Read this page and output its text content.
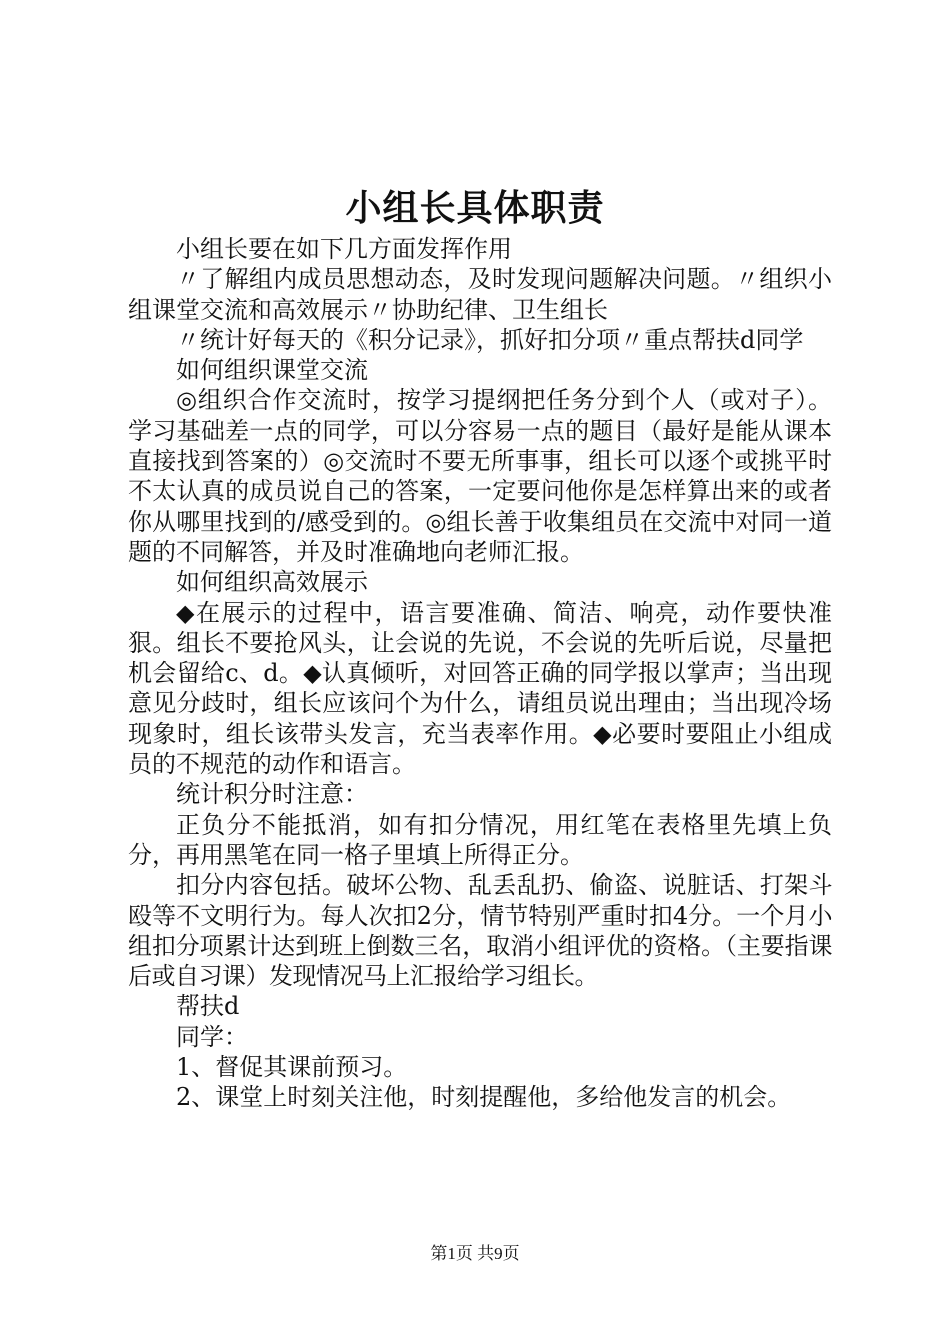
小组长具体职责

小组长要在如下几方面发挥作用

〃了解组内成员思想动态，及时发现问题解决问题。〃组织小组课堂交流和高效展示〃协助纪律、卫生组长

〃统计好每天的《积分记录》，抓好扣分项〃重点帮扶d同学

如何组织课堂交流

◎组织合作交流时，按学习提纲把任务分到个人（或对子）。学习基础差一点的同学，可以分容易一点的题目（最好是能从课本直接找到答案的）◎交流时不要无所事事，组长可以逐个或挑平时不太认真的成员说自己的答案，一定要问他你是怎样算出来的或者你从哪里找到的/感受到的。◎组长善于收集组员在交流中对同一道题的不同解答，并及时准确地向老师汇报。

如何组织高效展示

◆在展示的过程中，语言要准确、简洁、响亮，动作要快准狠。组长不要抢风头，让会说的先说，不会说的先听后说，尽量把机会留给c、d。◆认真倾听，对回答正确的同学报以掌声；当出现意见分歧时，组长应该问个为什么，请组员说出理由；当出现冷场现象时，组长该带头发言，充当表率作用。◆必要时要阻止小组成员的不规范的动作和语言。

统计积分时注意：

正负分不能抵消，如有扣分情况，用红笔在表格里先填上负分，再用黑笔在同一格子里填上所得正分。

扣分内容包括。破坏公物、乱丢乱扔、偷盗、说脏话、打架斗殴等不文明行为。每人次扣2分，情节特别严重时扣4分。一个月小组扣分项累计达到班上倒数三名，取消小组评优的资格。（主要指课后或自习课）发现情况马上汇报给学习组长。

帮扶d

同学：

1、督促其课前预习。

2、课堂上时刻关注他，时刻提醒他，多给他发言的机会。

第1页 共9页
